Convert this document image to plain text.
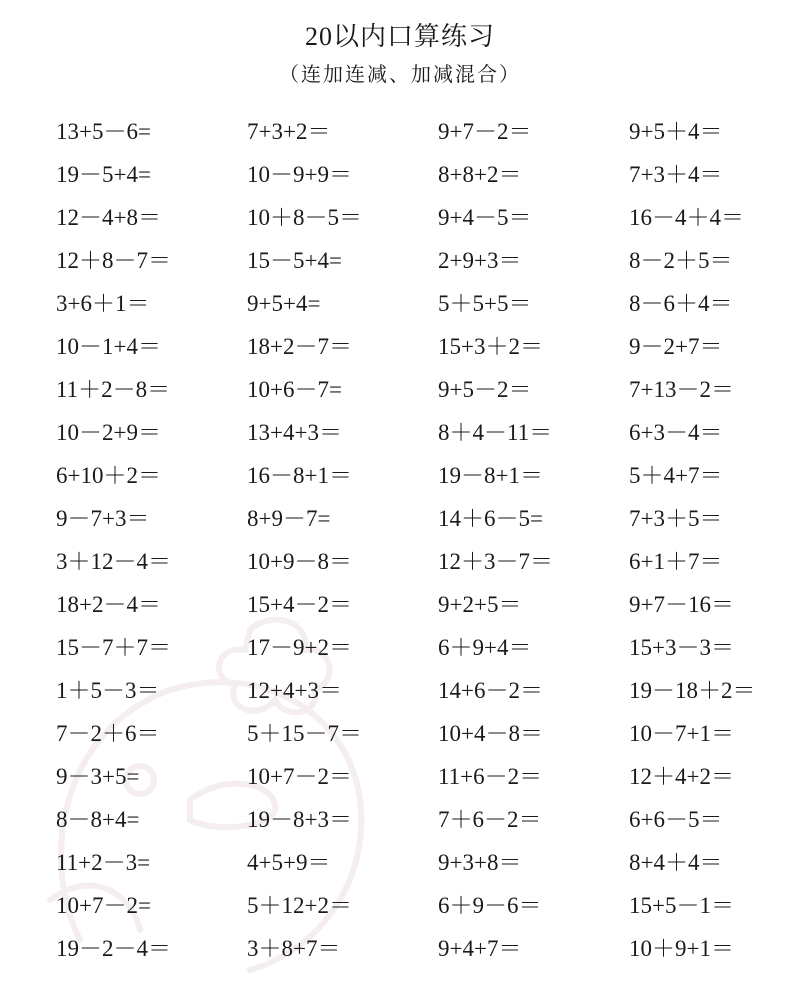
20以内口算练习
（连加连减、加减混合）
13+5－6=	7+3+2＝	9+7－2＝	9+5＋4＝
19－5+4=	10－9+9＝	8+8+2＝	7+3＋4＝
12－4+8＝	10＋8－5＝	9+4－5＝	16－4＋4＝
12＋8－7＝	15－5+4=	2+9+3＝	8－2＋5＝
3+6＋1＝	9+5+4=	5＋5+5＝	8－6＋4＝
10－1+4＝	18+2－7＝	15+3＋2＝	9－2+7＝
11＋2－8＝	10+6－7=	9+5－2＝	7+13－2＝
10－2+9＝	13+4+3＝	8＋4－11＝	6+3－4＝
6+10＋2＝	16－8+1＝	19－8+1＝	5＋4+7＝
9－7+3＝	8+9－7=	14＋6－5=	7+3＋5＝
3＋12－4＝	10+9－8＝	12＋3－7＝	6+1＋7＝
18+2－4＝	15+4－2＝	9+2+5＝	9+7－16＝
15－7＋7＝	17－9+2＝	6＋9+4＝	15+3－3＝
1＋5－3＝	12+4+3＝	14+6－2＝	19－18＋2＝
7－2＋6＝	5＋15－7＝	10+4－8＝	10－7+1＝
9－3+5=	10+7－2＝	11+6－2＝	12＋4+2＝
8－8+4=	19－8+3＝	7＋6－2＝	6+6－5＝
11+2－3=	4+5+9＝	9+3+8＝	8+4＋4＝
10+7－2=	5＋12+2＝	6＋9－6＝	15+5－1＝
19－2－4＝	3＋8+7＝	9+4+7＝	10＋9+1＝
